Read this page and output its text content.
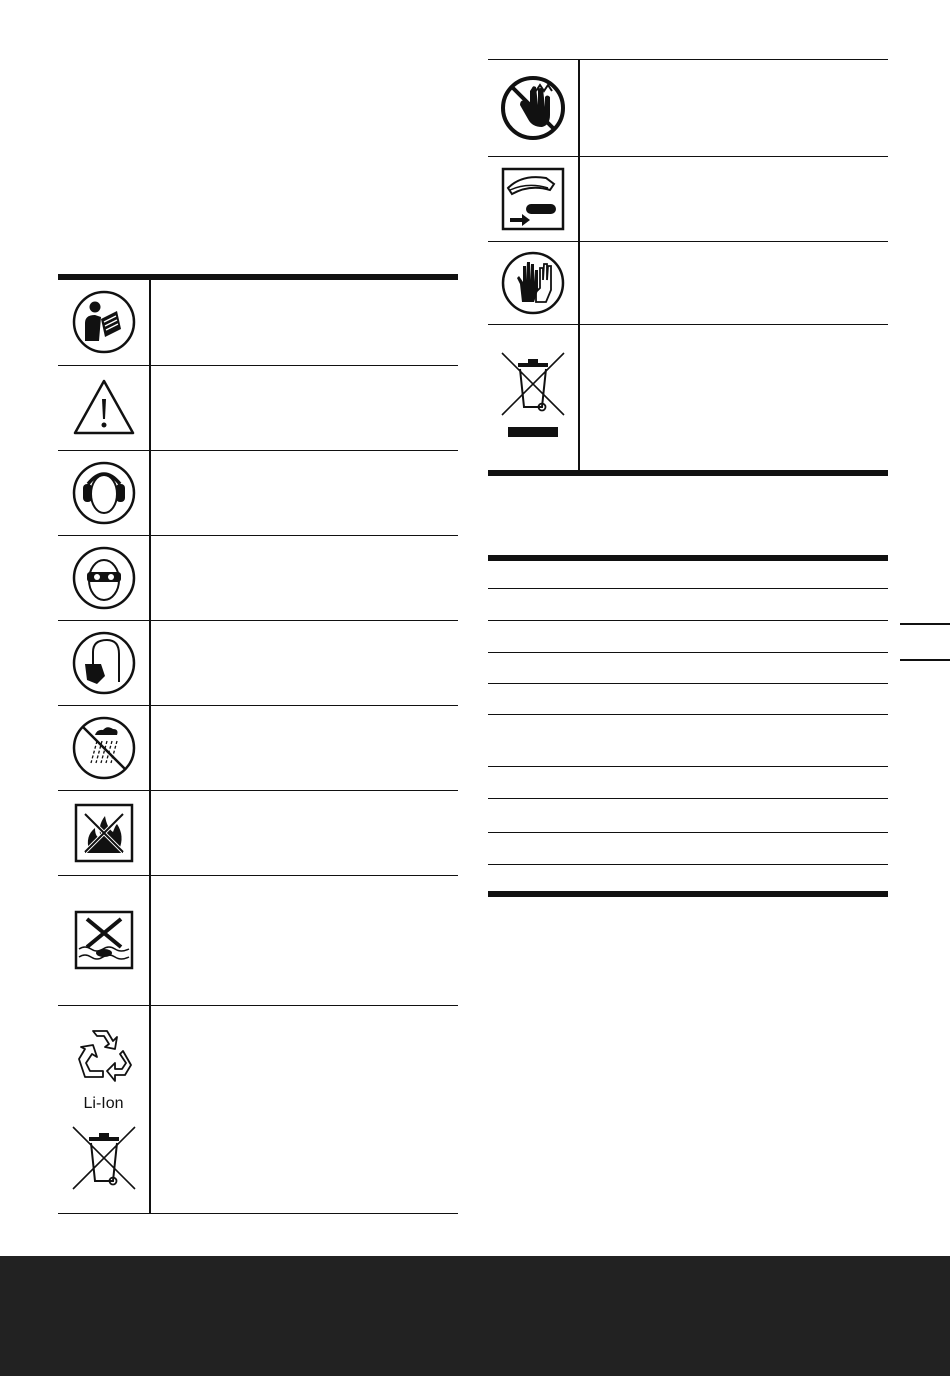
Li-Ion	
